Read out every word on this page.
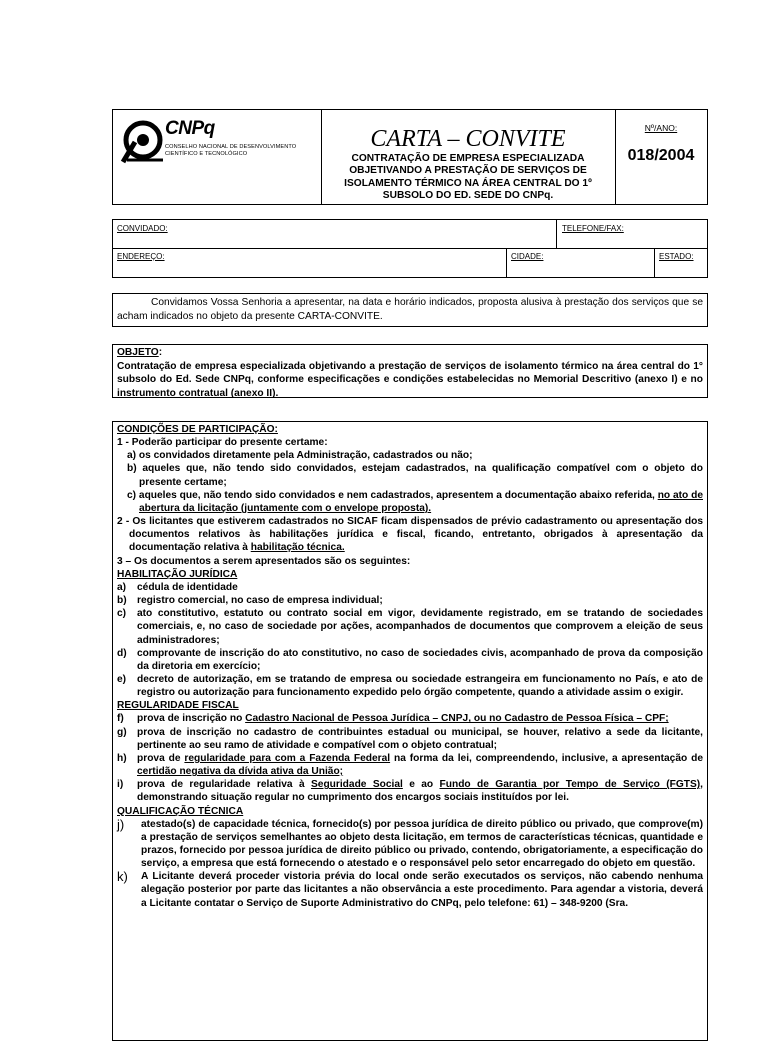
CNPq
CONSELHO NACIONAL DE DESENVOLVIMENTO CIENTÍFICO E TECNOLÓGICO
CARTA – CONVITE
CONTRATAÇÃO DE EMPRESA ESPECIALIZADA OBJETIVANDO A PRESTAÇÃO DE SERVIÇOS DE ISOLAMENTO TÉRMICO NA ÁREA CENTRAL DO 1º SUBSOLO DO ED. SEDE DO CNPq.
Nº/ANO:
018/2004
CONVIDADO:	TELEFONE/FAX:
ENDEREÇO:	CIDADE:	ESTADO:

Convidamos Vossa Senhoria a apresentar, na data e horário indicados, proposta alusiva à prestação dos serviços que se acham indicados no objeto da presente CARTA-CONVITE.

OBJETO:

Contratação de empresa especializada objetivando a prestação de serviços de isolamento térmico na área central do 1° subsolo do Ed. Sede CNPq, conforme especificações e condições estabelecidas no Memorial Descritivo (anexo I) e no instrumento contratual (anexo II).

CONDIÇÕES DE PARTICIPAÇÃO:

1 - Poderão participar do presente certame:

a) os convidados diretamente pela Administração, cadastrados ou não;

b) aqueles que, não tendo sido convidados, estejam cadastrados, na qualificação compatível com o objeto do presente certame;

c) aqueles que, não tendo sido convidados e nem cadastrados, apresentem a documentação abaixo referida, no ato de abertura da licitação (juntamente com o envelope proposta).

2 - Os licitantes que estiverem cadastrados no SICAF ficam dispensados de prévio cadastramento ou apresentação dos documentos relativos às habilitações jurídica e fiscal, ficando, entretanto, obrigados à apresentação da documentação relativa à habilitação técnica.

3 – Os documentos a serem apresentados são os seguintes:

HABILITAÇÃO JURÍDICA

a) cédula de identidade
b) registro comercial, no caso de empresa individual;
c) ato constitutivo, estatuto ou contrato social em vigor, devidamente registrado, em se tratando de sociedades comerciais, e, no caso de sociedade por ações, acompanhados de documentos que comprovem a eleição de seus administradores;
d) comprovante de inscrição do ato constitutivo, no caso de sociedades civis, acompanhado de prova da composição da diretoria em exercício;
e) decreto de autorização, em se tratando de empresa ou sociedade estrangeira em funcionamento no País, e ato de registro ou autorização para funcionamento expedido pelo órgão competente, quando a atividade assim o exigir.

REGULARIDADE FISCAL

f) prova de inscrição no Cadastro Nacional de Pessoa Jurídica – CNPJ, ou no Cadastro de Pessoa Física – CPF;
g) prova de inscrição no cadastro de contribuintes estadual ou municipal, se houver, relativo a sede da licitante, pertinente ao seu ramo de atividade e compatível com o objeto contratual;
h) prova de regularidade para com a Fazenda Federal na forma da lei, compreendendo, inclusive, a apresentação de certidão negativa da dívida ativa da União;
i) prova de regularidade relativa à Seguridade Social e ao Fundo de Garantia por Tempo de Serviço (FGTS), demonstrando situação regular no cumprimento dos encargos sociais instituídos por lei.

QUALIFICAÇÃO TÉCNICA

j) atestado(s) de capacidade técnica, fornecido(s) por pessoa jurídica de direito público ou privado, que comprove(m) a prestação de serviços semelhantes ao objeto desta licitação, em termos de características técnicas, quantidade e prazos, fornecido por pessoa jurídica de direito público ou privado, contendo, obrigatoriamente, a especificação do serviço, a empresa que está fornecendo o atestado e o responsável pelo setor encarregado do objeto em questão.
k) A Licitante deverá proceder vistoria prévia do local onde serão executados os serviços, não cabendo nenhuma alegação posterior por parte das licitantes a não observância a este procedimento. Para agendar a vistoria, deverá a Licitante contatar o Serviço de Suporte Administrativo do CNPq, pelo telefone: 61) – 348-9200 (Sra.
